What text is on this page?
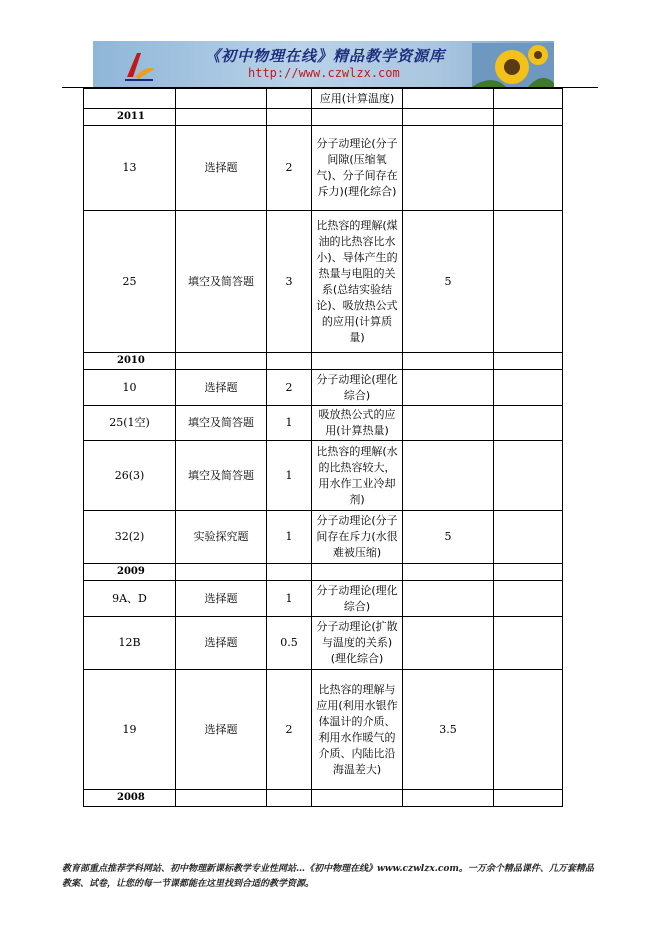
《初中物理在线》精品教学资源库
http://www.czwlzx.com
			应用(计算温度)		
2011					
13	选择题	2	分子动理论(分子间隙(压缩氧气)、分子间存在斥力)(理化综合)		
25	填空及简答题	3	比热容的理解(煤油的比热容比水小)、导体产生的热量与电阻的关系(总结实验结论)、吸放热公式的应用(计算质量)	5	
2010					
10	选择题	2	分子动理论(理化综合)		
25(1空)	填空及简答题	1	吸放热公式的应用(计算热量)		
26(3)	填空及简答题	1	比热容的理解(水的比热容较大，用水作工业冷却剂)		
32(2)	实验探究题	1	分子动理论(分子间存在斥力(水很难被压缩)	5	
2009					
9A、D	选择题	1	分子动理论(理化综合)		
12B	选择题	0.5	分子动理论(扩散与温度的关系)(理化综合)		
19	选择题	2	比热容的理解与应用(利用水银作体温计的介质、利用水作暖气的介质、内陆比沿海温差大)	3.5	
2008					
教育部重点推荐学科网站、初中物理新课标教学专业性网站…《初中物理在线》www.czwlzx.com。一万余个精品课件、几万套精品教案、试卷，让您的每一节课都能在这里找到合适的教学资源。
